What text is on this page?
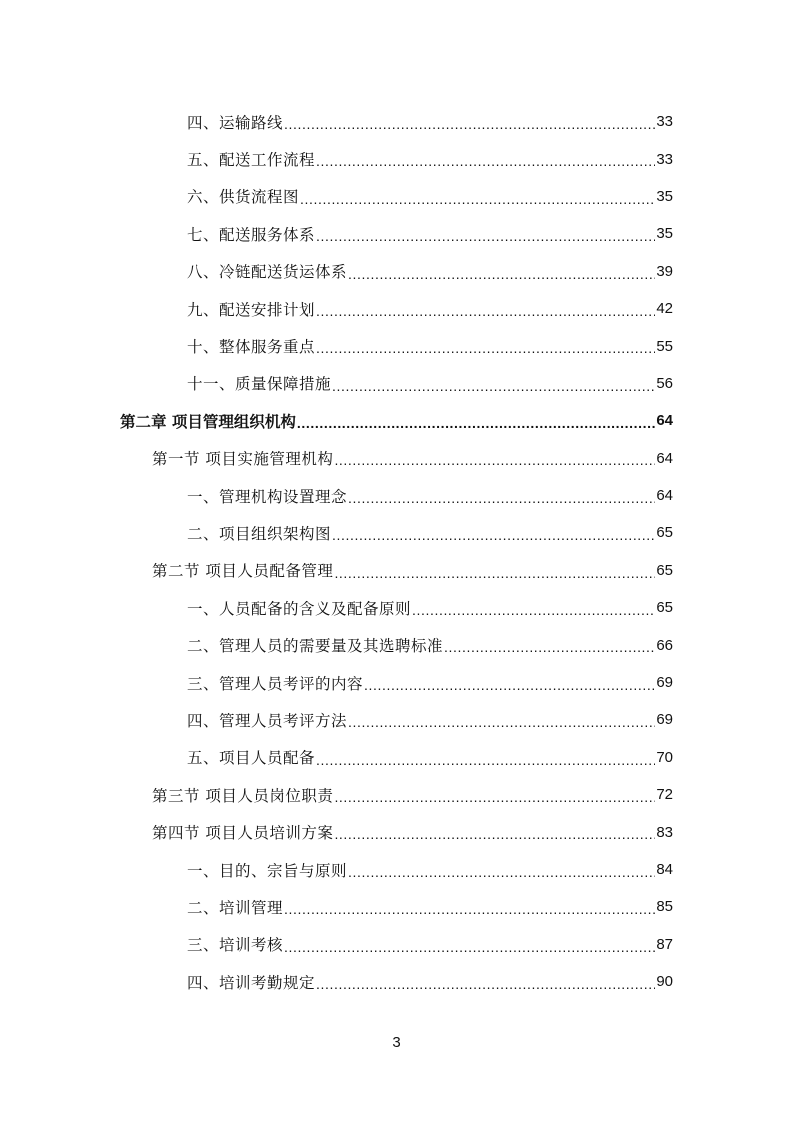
四、运输路线 .....	33
五、配送工作流程 .....	33
六、供货流程图 .....	35
七、配送服务体系 .....	35
八、冷链配送货运体系 .....	39
九、配送安排计划 .....	42
十、整体服务重点 .....	55
十一、质量保障措施 .....	56
第二章 项目管理组织机构 .....	64
第一节 项目实施管理机构 .....	64
一、管理机构设置理念 .....	64
二、项目组织架构图 .....	65
第二节 项目人员配备管理 .....	65
一、人员配备的含义及配备原则 .....	65
二、管理人员的需要量及其选聘标准 .....	66
三、管理人员考评的内容 .....	69
四、管理人员考评方法 .....	69
五、项目人员配备 .....	70
第三节 项目人员岗位职责 .....	72
第四节 项目人员培训方案 .....	83
一、目的、宗旨与原则 .....	84
二、培训管理 .....	85
三、培训考核 .....	87
四、培训考勤规定 .....	90
3
